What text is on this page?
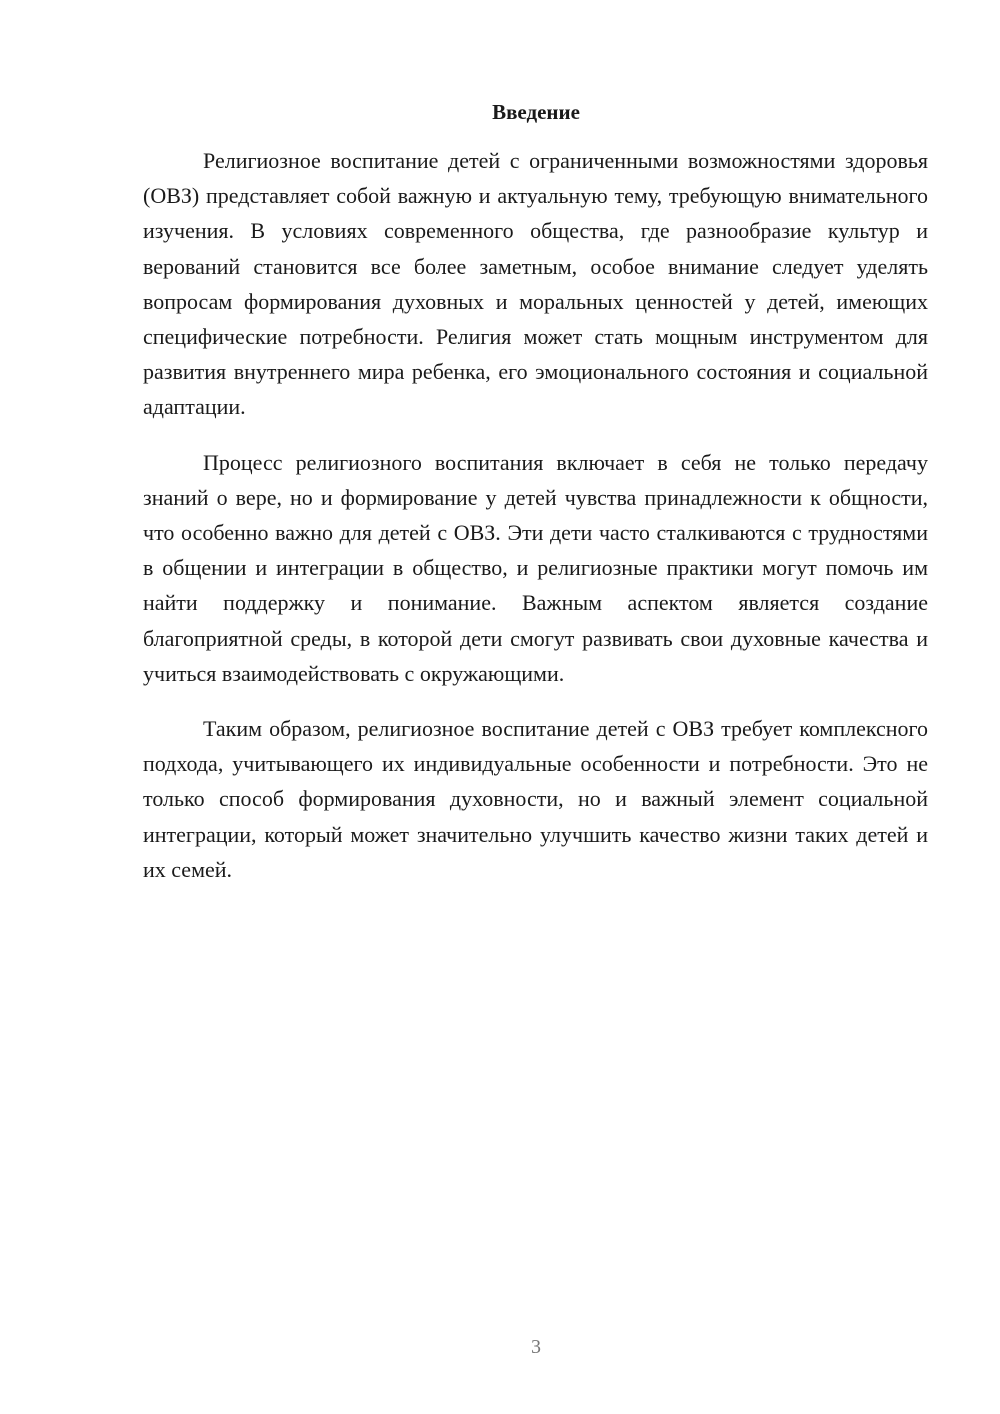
Введение

Религиозное воспитание детей с ограниченными возможностями здоровья (ОВЗ) представляет собой важную и актуальную тему, требующую внимательного изучения. В условиях современного общества, где разнообразие культур и верований становится все более заметным, особое внимание следует уделять вопросам формирования духовных и моральных ценностей у детей, имеющих специфические потребности. Религия может стать мощным инструментом для развития внутреннего мира ребенка, его эмоционального состояния и социальной адаптации.

Процесс религиозного воспитания включает в себя не только передачу знаний о вере, но и формирование у детей чувства принадлежности к общности, что особенно важно для детей с ОВЗ. Эти дети часто сталкиваются с трудностями в общении и интеграции в общество, и религиозные практики могут помочь им найти поддержку и понимание. Важным аспектом является создание благоприятной среды, в которой дети смогут развивать свои духовные качества и учиться взаимодействовать с окружающими.

Таким образом, религиозное воспитание детей с ОВЗ требует комплексного подхода, учитывающего их индивидуальные особенности и потребности. Это не только способ формирования духовности, но и важный элемент социальной интеграции, который может значительно улучшить качество жизни таких детей и их семей.

3
